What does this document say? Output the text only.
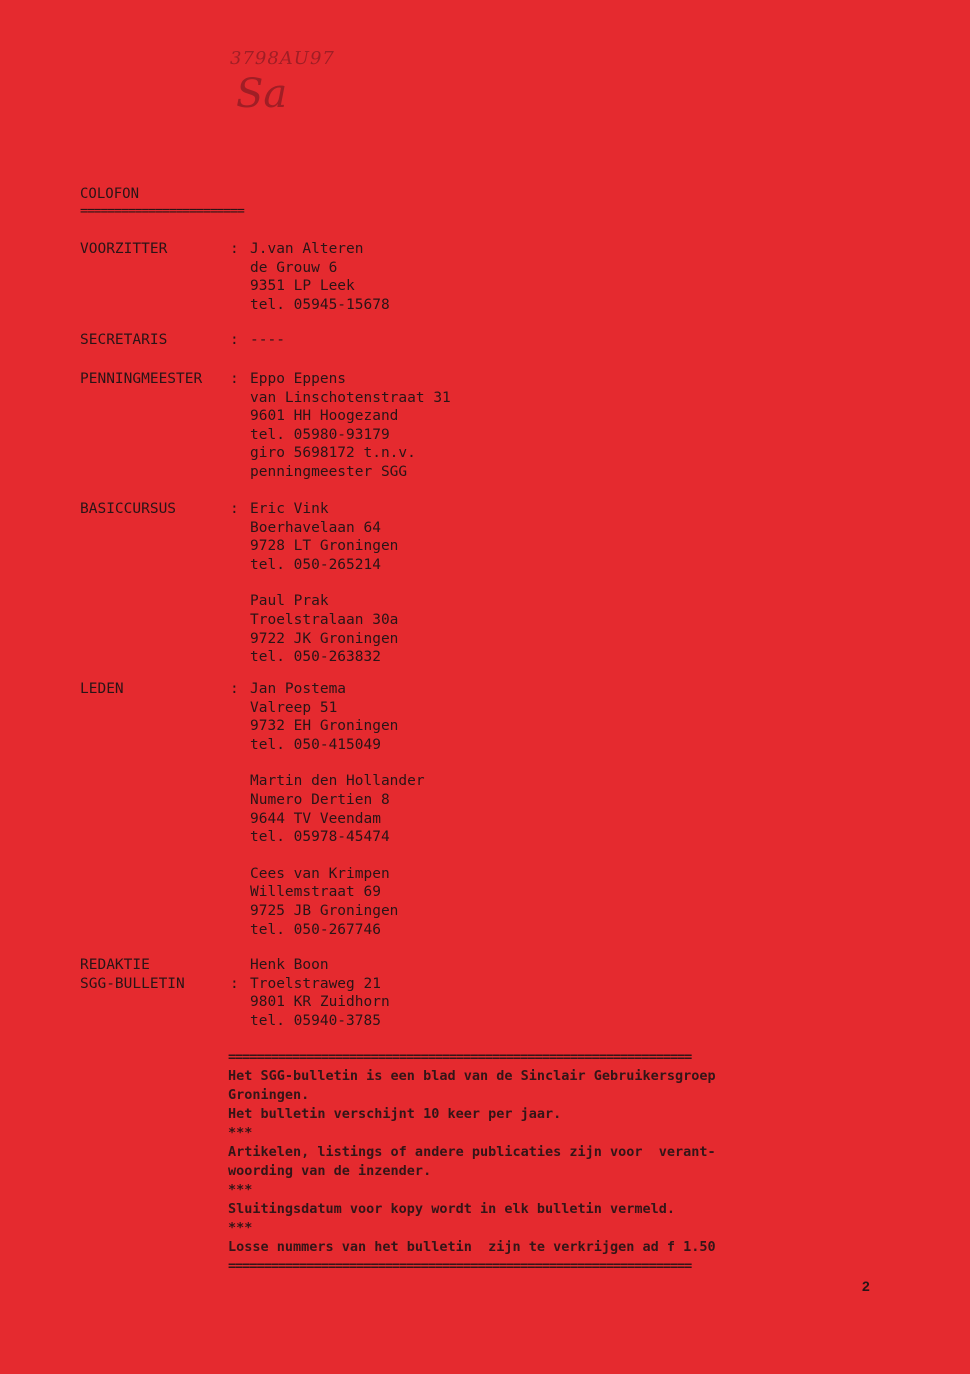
3798AU97
Sa
COLOFON
========================
VOORZITTER	: J.van Alteren
de Grouw 6
9351 LP Leek
tel. 05945-15678
SECRETARIS	: ----
PENNINGMEESTER	: Eppo Eppens
van Linschotenstraat 31
9601 HH Hoogezand
tel. 05980-93179
giro 5698172 t.n.v.
penningmeester SGG
BASICCURSUS	: Eric Vink
Boerhavelaan 64
9728 LT Groningen
tel. 050-265214
Paul Prak
Troelstralaan 30a
9722 JK Groningen
tel. 050-263832
LEDEN	: Jan Postema
Valreep 51
9732 EH Groningen
tel. 050-415049
Martin den Hollander
Numero Dertien 8
9644 TV Veendam
tel. 05978-45474
Cees van Krimpen
Willemstraat 69
9725 JB Groningen
tel. 050-267746
REDAKTIE
SGG-BULLETIN	:
Henk Boon
Troelstraweg 21
9801 KR Zuidhorn
tel. 05940-3785
=================================================================
Het SGG-bulletin is een blad van de Sinclair Gebruikersgroep
Groningen.
Het bulletin verschijnt 10 keer per jaar.
***
Artikelen, listings of andere publicaties zijn voor  verant-
woording van de inzender.
***
Sluitingsdatum voor kopy wordt in elk bulletin vermeld.
***
Losse nummers van het bulletin  zijn te verkrijgen ad f 1.50
=================================================================
2
